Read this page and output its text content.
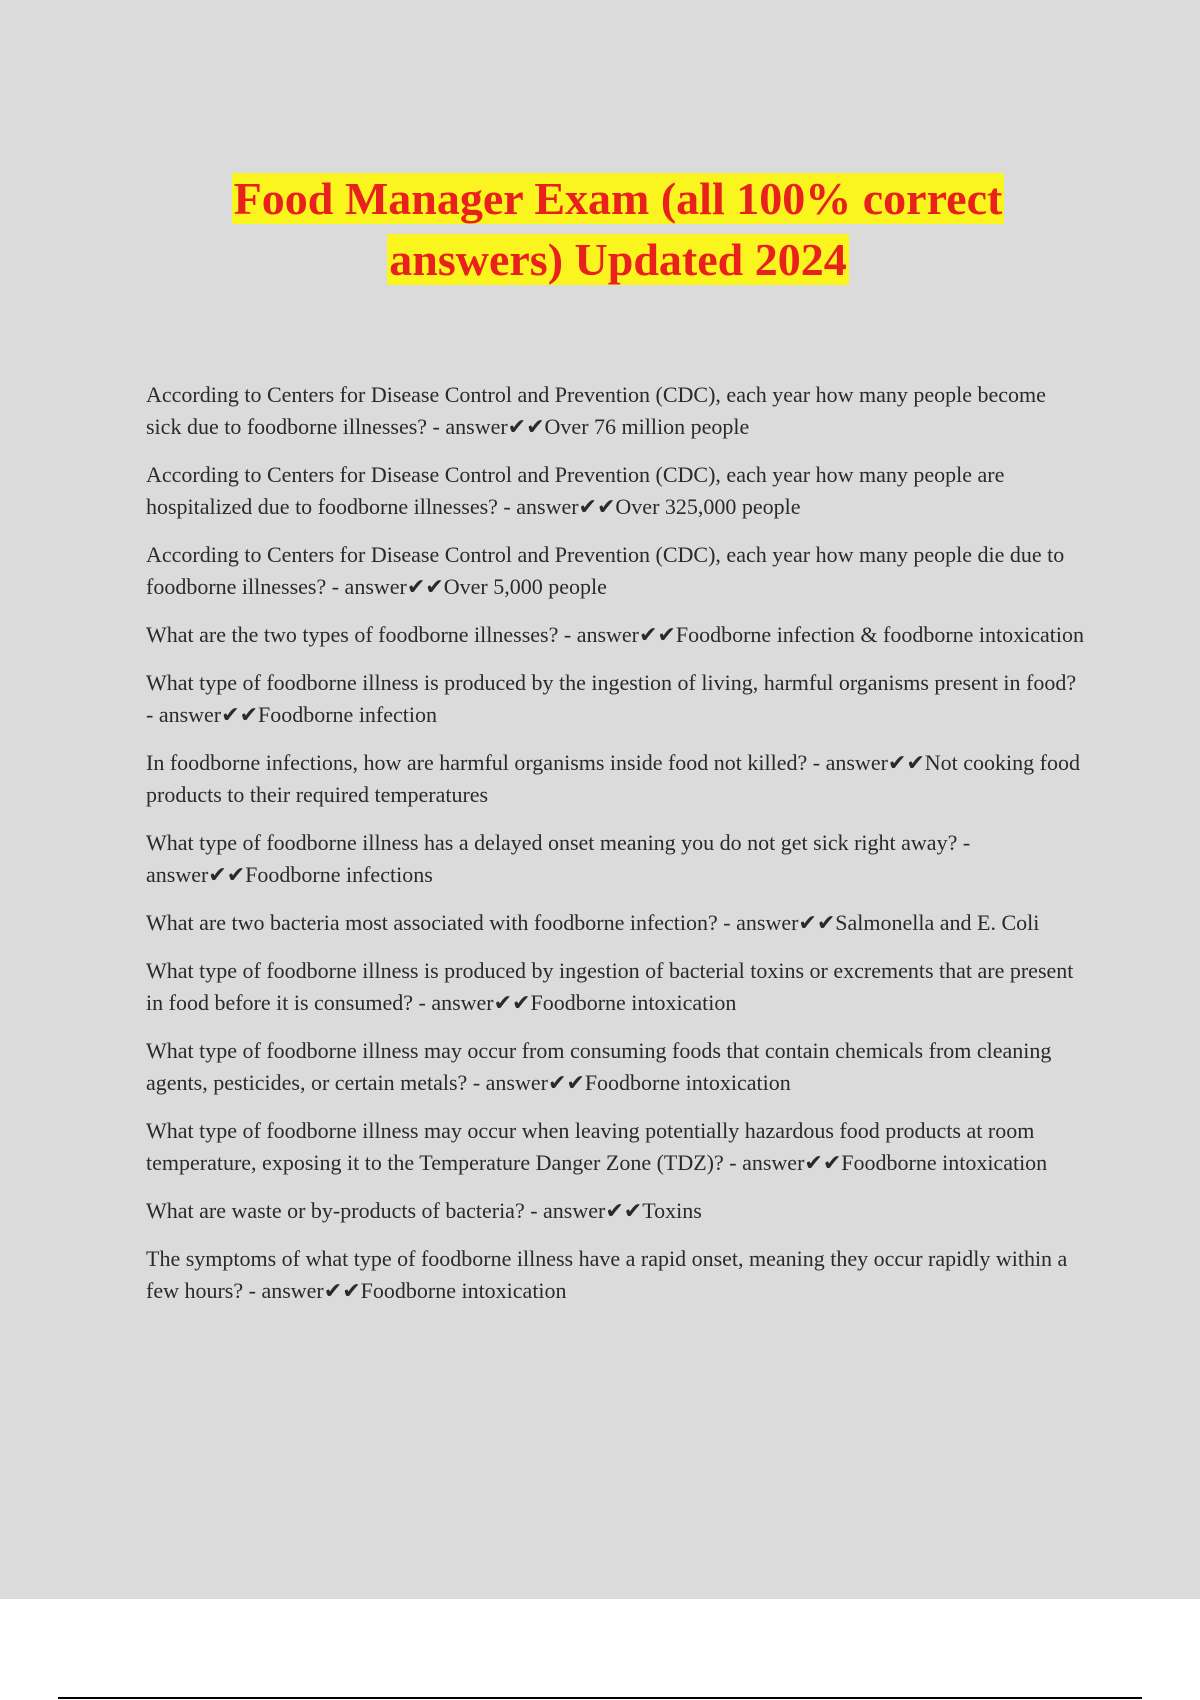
Food Manager Exam (all 100% correct
answers) Updated 2024
According to Centers for Disease Control and Prevention (CDC), each year how many people become sick due to foodborne illnesses? - answer✔✔Over 76 million people
According to Centers for Disease Control and Prevention (CDC), each year how many people are hospitalized due to foodborne illnesses? - answer✔✔Over 325,000 people
According to Centers for Disease Control and Prevention (CDC), each year how many people die due to foodborne illnesses? - answer✔✔Over 5,000 people
What are the two types of foodborne illnesses? - answer✔✔Foodborne infection & foodborne intoxication
What type of foodborne illness is produced by the ingestion of living, harmful organisms present in food? - answer✔✔Foodborne infection
In foodborne infections, how are harmful organisms inside food not killed? - answer✔✔Not cooking food products to their required temperatures
What type of foodborne illness has a delayed onset meaning you do not get sick right away? - answer✔✔Foodborne infections
What are two bacteria most associated with foodborne infection? - answer✔✔Salmonella and E. Coli
What type of foodborne illness is produced by ingestion of bacterial toxins or excrements that are present in food before it is consumed? - answer✔✔Foodborne intoxication
What type of foodborne illness may occur from consuming foods that contain chemicals from cleaning agents, pesticides, or certain metals? - answer✔✔Foodborne intoxication
What type of foodborne illness may occur when leaving potentially hazardous food products at room temperature, exposing it to the Temperature Danger Zone (TDZ)? - answer✔✔Foodborne intoxication
What are waste or by-products of bacteria? - answer✔✔Toxins
The symptoms of what type of foodborne illness have a rapid onset, meaning they occur rapidly within a few hours? - answer✔✔Foodborne intoxication
